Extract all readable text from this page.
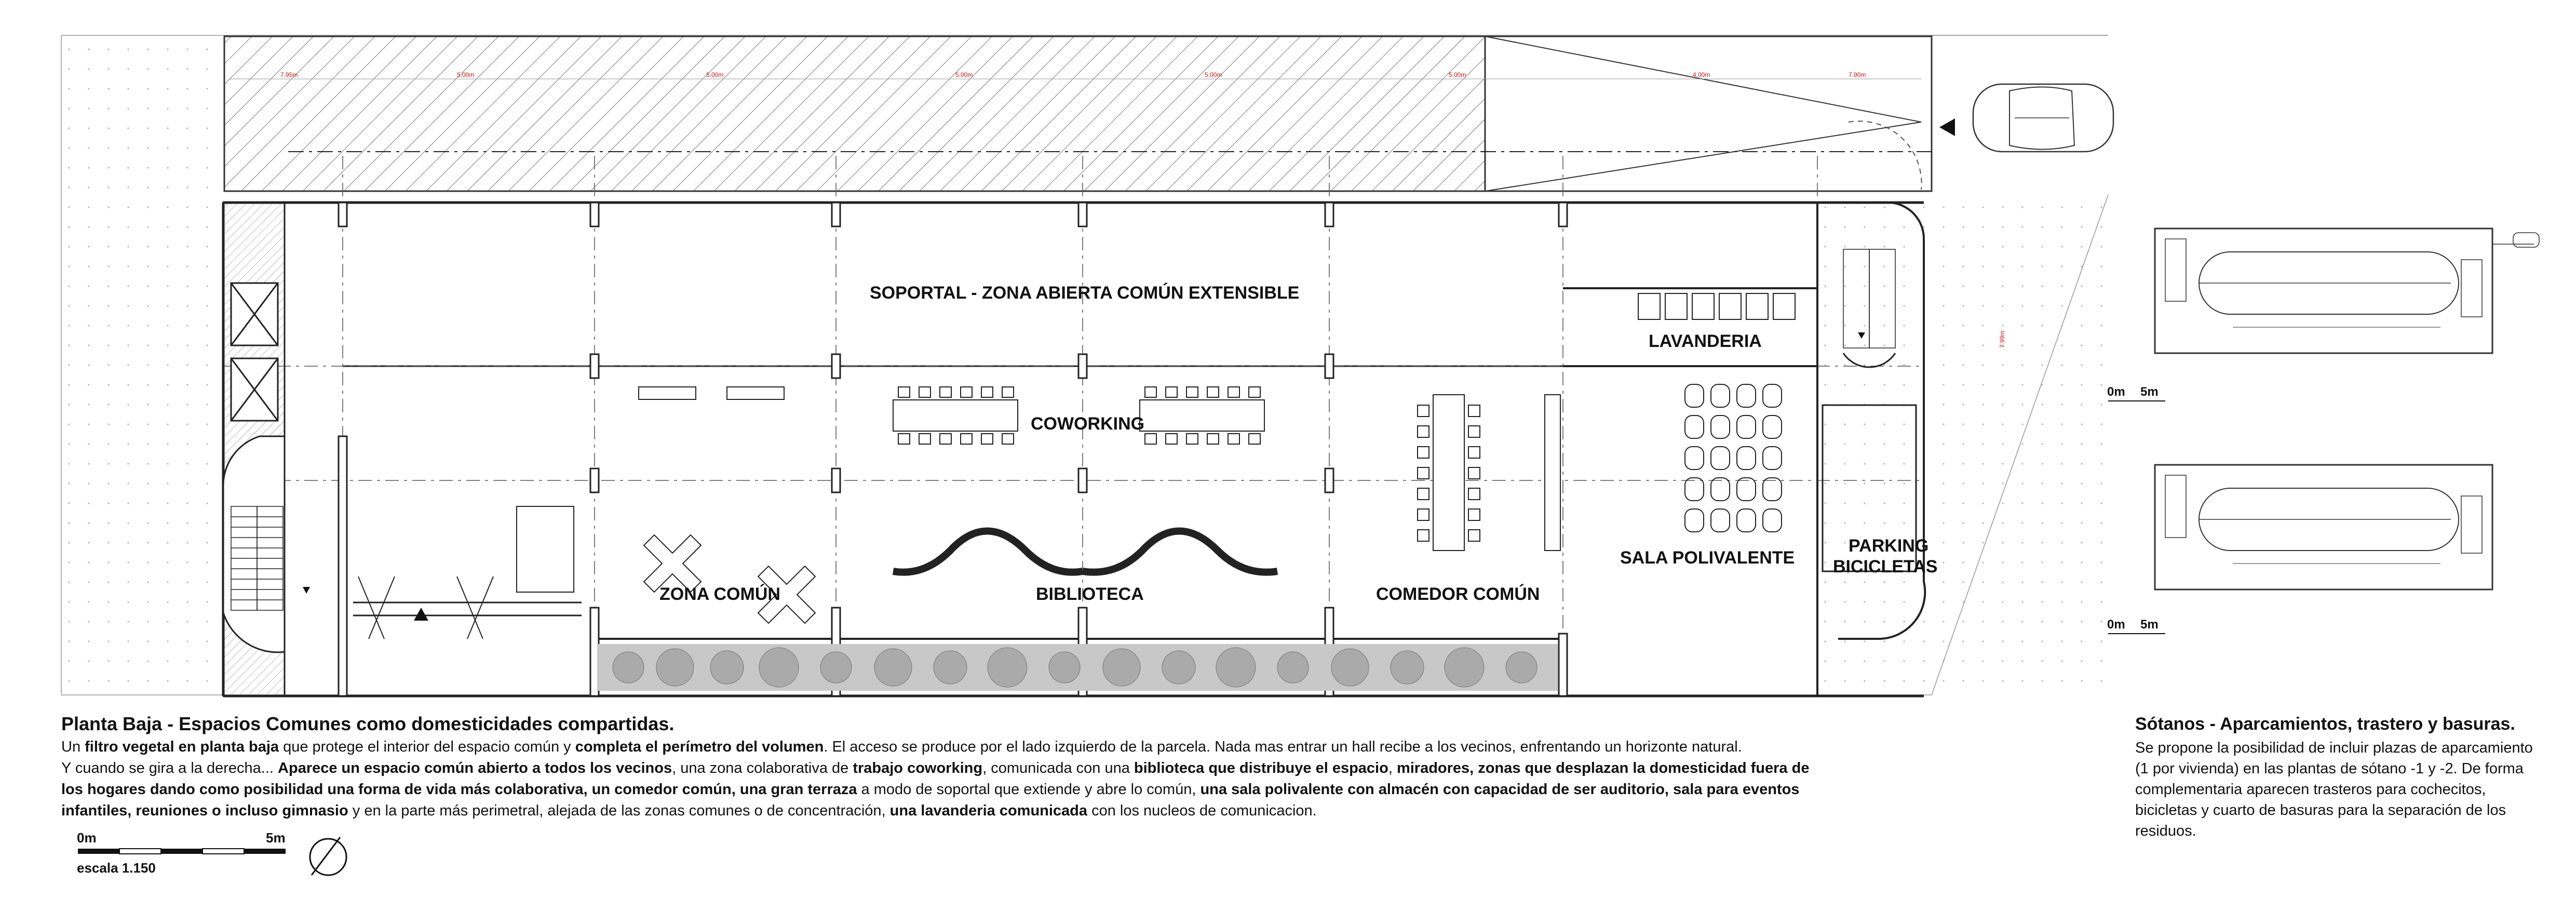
7.95m	5.00m	5.00m	5.00m	5.00m	5.00m	4.00m	7.90m
7.99m
SOPORTAL - ZONA ABIERTA COMÚN EXTENSIBLE
LAVANDERIA
COWORKING
ZONA COMÚN	BIBLIOTECA	COMEDOR COMÚN
SALA POLIVALENTE
PARKING
BICICLETAS
0m 5m
0m 5m
0m	5m
escala 1.150
Planta Baja - Espacios Comunes como domesticidades compartidas.

Un filtro vegetal en planta baja que protege el interior del espacio común y completa el perímetro del volumen. El acceso se produce por el lado izquierdo de la parcela. Nada mas entrar un hall recibe a los vecinos, enfrentando un horizonte natural.

Y cuando se gira a la derecha... Aparece un espacio común abierto a todos los vecinos, una zona colaborativa de trabajo coworking, comunicada con una biblioteca que distribuye el espacio, miradores, zonas que desplazan la domesticidad fuera de

los hogares dando como posibilidad una forma de vida más colaborativa, un comedor común, una gran terraza a modo de soportal que extiende y abre lo común, una sala polivalente con almacén con capacidad de ser auditorio, sala para eventos

infantiles, reuniones o incluso gimnasio y en la parte más perimetral, alejada de las zonas comunes o de concentración, una lavanderia comunicada con los nucleos de comunicacion.

Sótanos - Aparcamientos, trastero y basuras.

Se propone la posibilidad de incluir plazas de aparcamiento (1 por vivienda) en las plantas de sótano -1 y -2. De forma complementaria aparecen trasteros para cochecitos, bicicletas y cuarto de basuras para la separación de los residuos.
